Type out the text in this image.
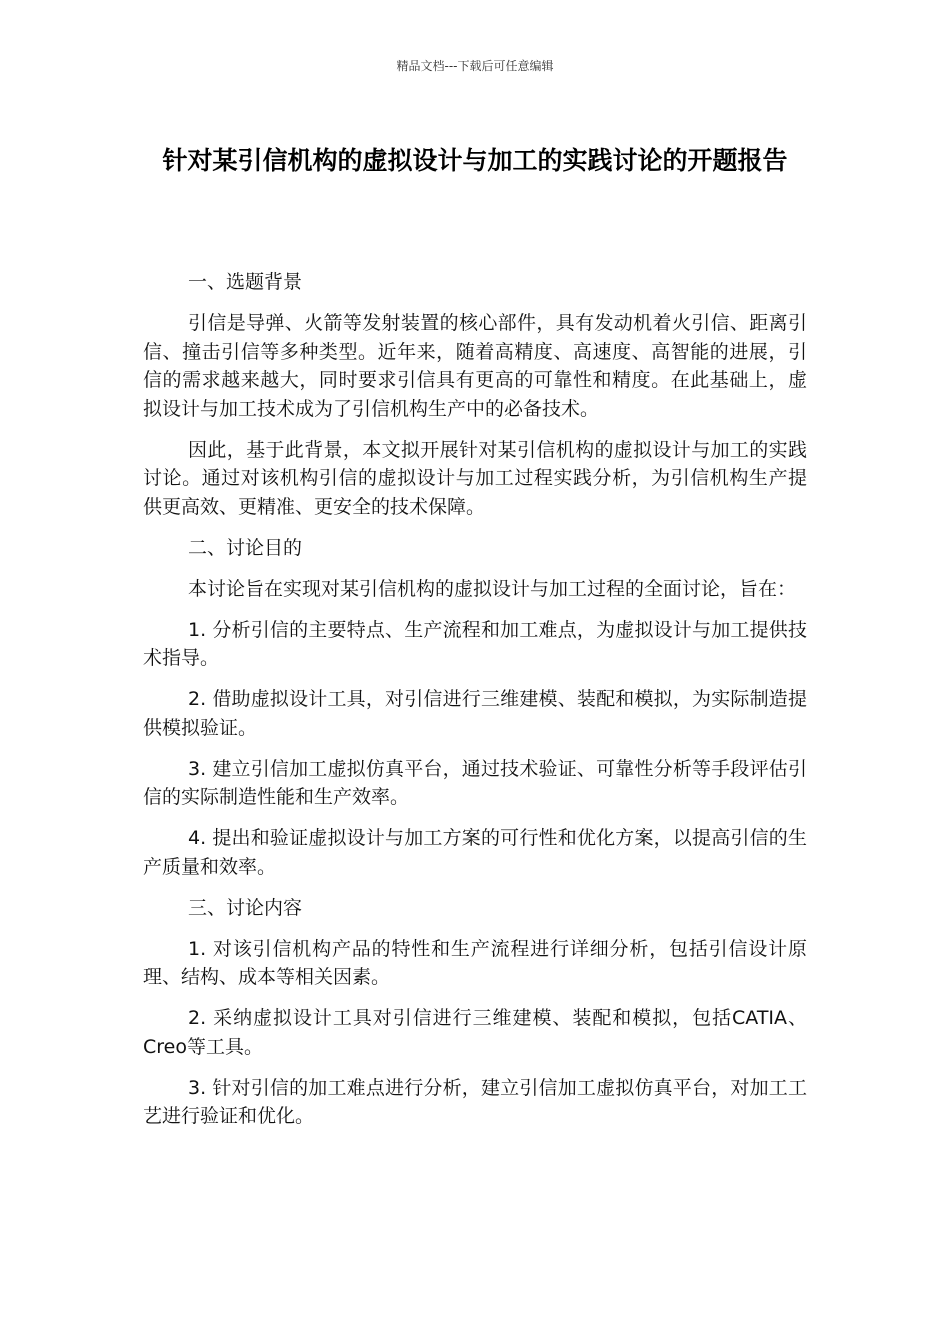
精品文档---下载后可任意编辑
针对某引信机构的虚拟设计与加工的实践讨论的开题报告

一、选题背景

引信是导弹、火箭等发射装置的核心部件，具有发动机着火引信、距离引信、撞击引信等多种类型。近年来，随着高精度、高速度、高智能的进展，引信的需求越来越大，同时要求引信具有更高的可靠性和精度。在此基础上，虚拟设计与加工技术成为了引信机构生产中的必备技术。

因此，基于此背景，本文拟开展针对某引信机构的虚拟设计与加工的实践讨论。通过对该机构引信的虚拟设计与加工过程实践分析，为引信机构生产提供更高效、更精准、更安全的技术保障。

二、讨论目的

本讨论旨在实现对某引信机构的虚拟设计与加工过程的全面讨论，旨在：

1. 分析引信的主要特点、生产流程和加工难点，为虚拟设计与加工提供技术指导。

2. 借助虚拟设计工具，对引信进行三维建模、装配和模拟，为实际制造提供模拟验证。

3. 建立引信加工虚拟仿真平台，通过技术验证、可靠性分析等手段评估引信的实际制造性能和生产效率。

4. 提出和验证虚拟设计与加工方案的可行性和优化方案，以提高引信的生产质量和效率。

三、讨论内容

1. 对该引信机构产品的特性和生产流程进行详细分析，包括引信设计原理、结构、成本等相关因素。

2. 采纳虚拟设计工具对引信进行三维建模、装配和模拟，包括CATIA、Creo等工具。

3. 针对引信的加工难点进行分析，建立引信加工虚拟仿真平台，对加工工艺进行验证和优化。
